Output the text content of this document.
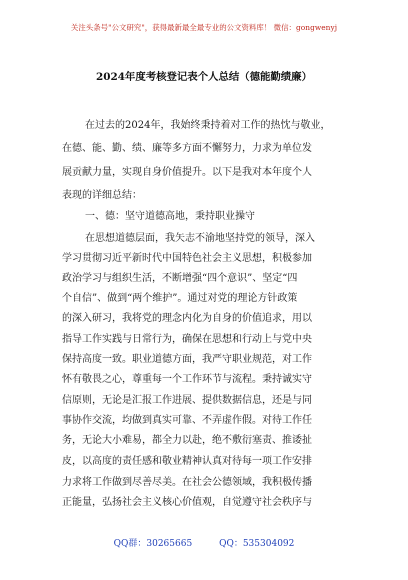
关注头条号"公文研究"，获得最新最全最专业的公文资料库！ 微信：gongwenyj
2024年度考核登记表个人总结（德能勤绩廉）
在过去的2024年，我始终秉持着对工作的热忱与敬业，
在德、能、勤、绩、廉等多方面不懈努力，力求为单位发
展贡献力量，实现自身价值提升。以下是我对本年度个人
表现的详细总结：
一、德：坚守道德高地，秉持职业操守
在思想道德层面，我矢志不渝地坚持党的领导，深入
学习贯彻习近平新时代中国特色社会主义思想，积极参加
政治学习与组织生活，不断增强“四个意识”、坚定“四
个自信”、做到“两个维护”。通过对党的理论方针政策
的深入研习，我将党的理念内化为自身的价值追求，用以
指导工作实践与日常行为，确保在思想和行动上与党中央
保持高度一致。职业道德方面，我严守职业规范，对工作
怀有敬畏之心，尊重每一个工作环节与流程。秉持诚实守
信原则，无论是汇报工作进展、提供数据信息，还是与同
事协作交流，均做到真实可靠、不弄虚作假。对待工作任
务，无论大小难易，都全力以赴，绝不敷衍塞责、推诿扯
皮，以高度的责任感和敬业精神认真对待每一项工作安排
力求将工作做到尽善尽美。在社会公德领域，我积极传播
正能量，弘扬社会主义核心价值观，自觉遵守社会秩序与
QQ群：30265665	QQ：535304092
